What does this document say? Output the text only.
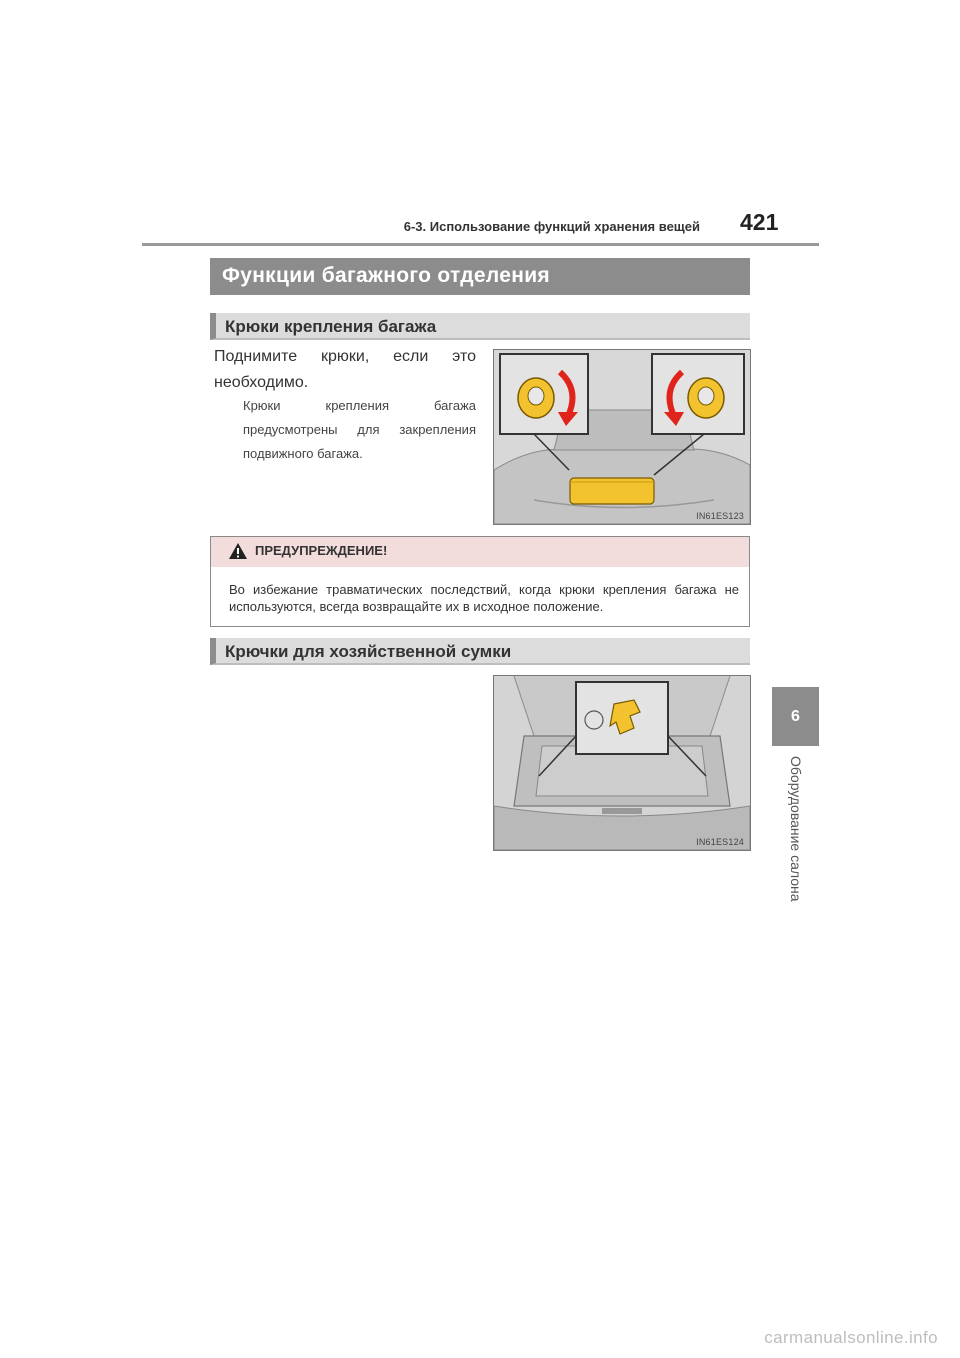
6-3. Использование функций хранения вещей 421
6
Оборудование салона
Функции багажного отделения
Крюки крепления багажа
Поднимите крюки, если это необходимо.
Крюки крепления багажа предусмотрены для закрепления подвижного багажа.
IN61ES123
ПРЕДУПРЕЖДЕНИЕ!
Во избежание травматических последствий, когда крюки крепления багажа не используются, всегда возвращайте их в исходное положение.
Крючки для хозяйственной сумки
IN61ES124
carmanualsonline.info
